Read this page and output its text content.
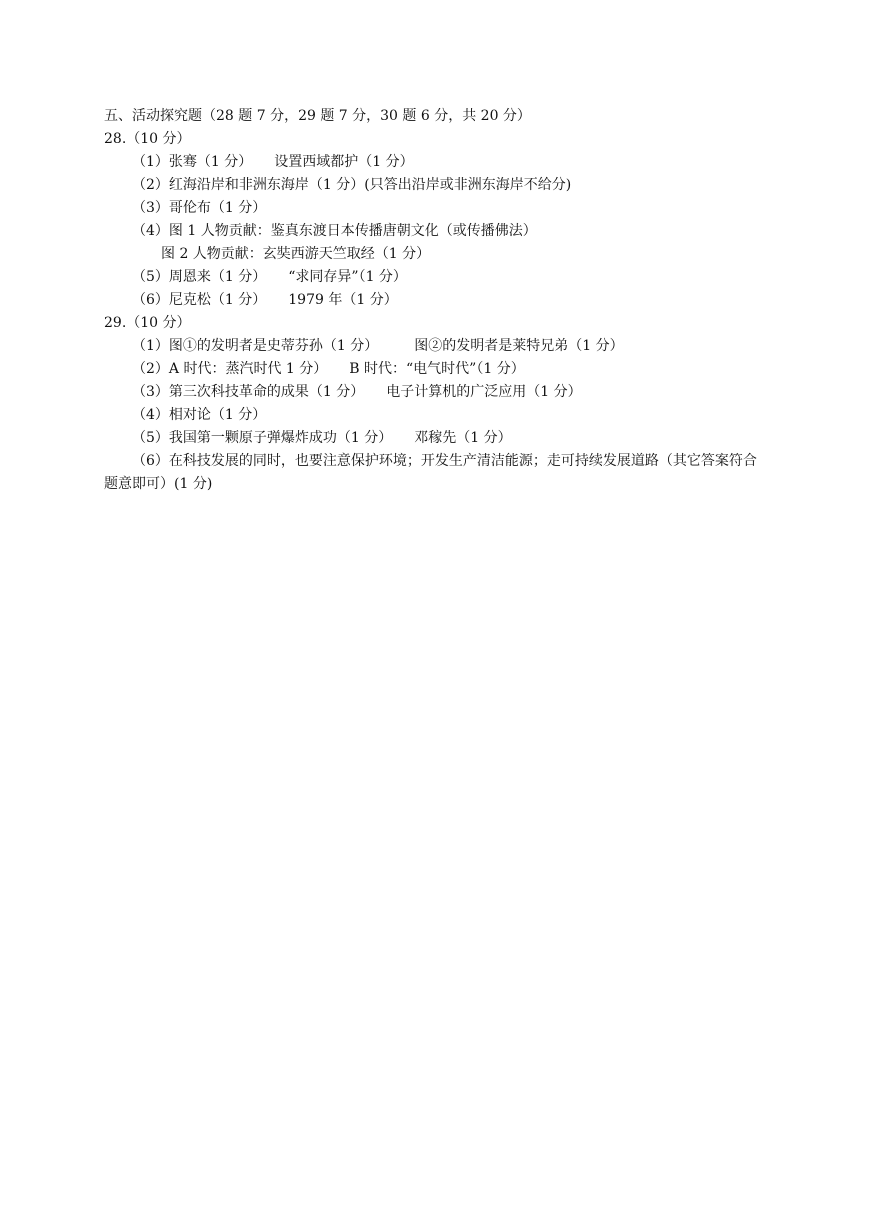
五、活动探究题（28 题 7 分，29 题 7 分，30 题 6 分，共 20 分）
28.（10 分）
（1）张骞（1 分） 设置西域都护（1 分）
（2）红海沿岸和非洲东海岸（1 分）(只答出沿岸或非洲东海岸不给分)
（3）哥伦布（1 分）
（4）图 1 人物贡献：鉴真东渡日本传播唐朝文化（或传播佛法）
图 2 人物贡献：玄奘西游天竺取经（1 分）
（5）周恩来（1 分） “求同存异”（1 分）
（6）尼克松（1 分） 1979 年（1 分）
29.（10 分）
（1）图①的发明者是史蒂芬孙（1 分）	图②的发明者是莱特兄弟（1 分）
（2）A 时代：蒸汽时代 1 分） B 时代：“电气时代”（1 分）
（3）第三次科技革命的成果（1 分） 电子计算机的广泛应用（1 分）
（4）相对论（1 分）
（5）我国第一颗原子弹爆炸成功（1 分） 邓稼先（1 分）
（6）在科技发展的同时，也要注意保护环境；开发生产清洁能源；走可持续发展道路（其它答案符合题意即可）(1 分)
